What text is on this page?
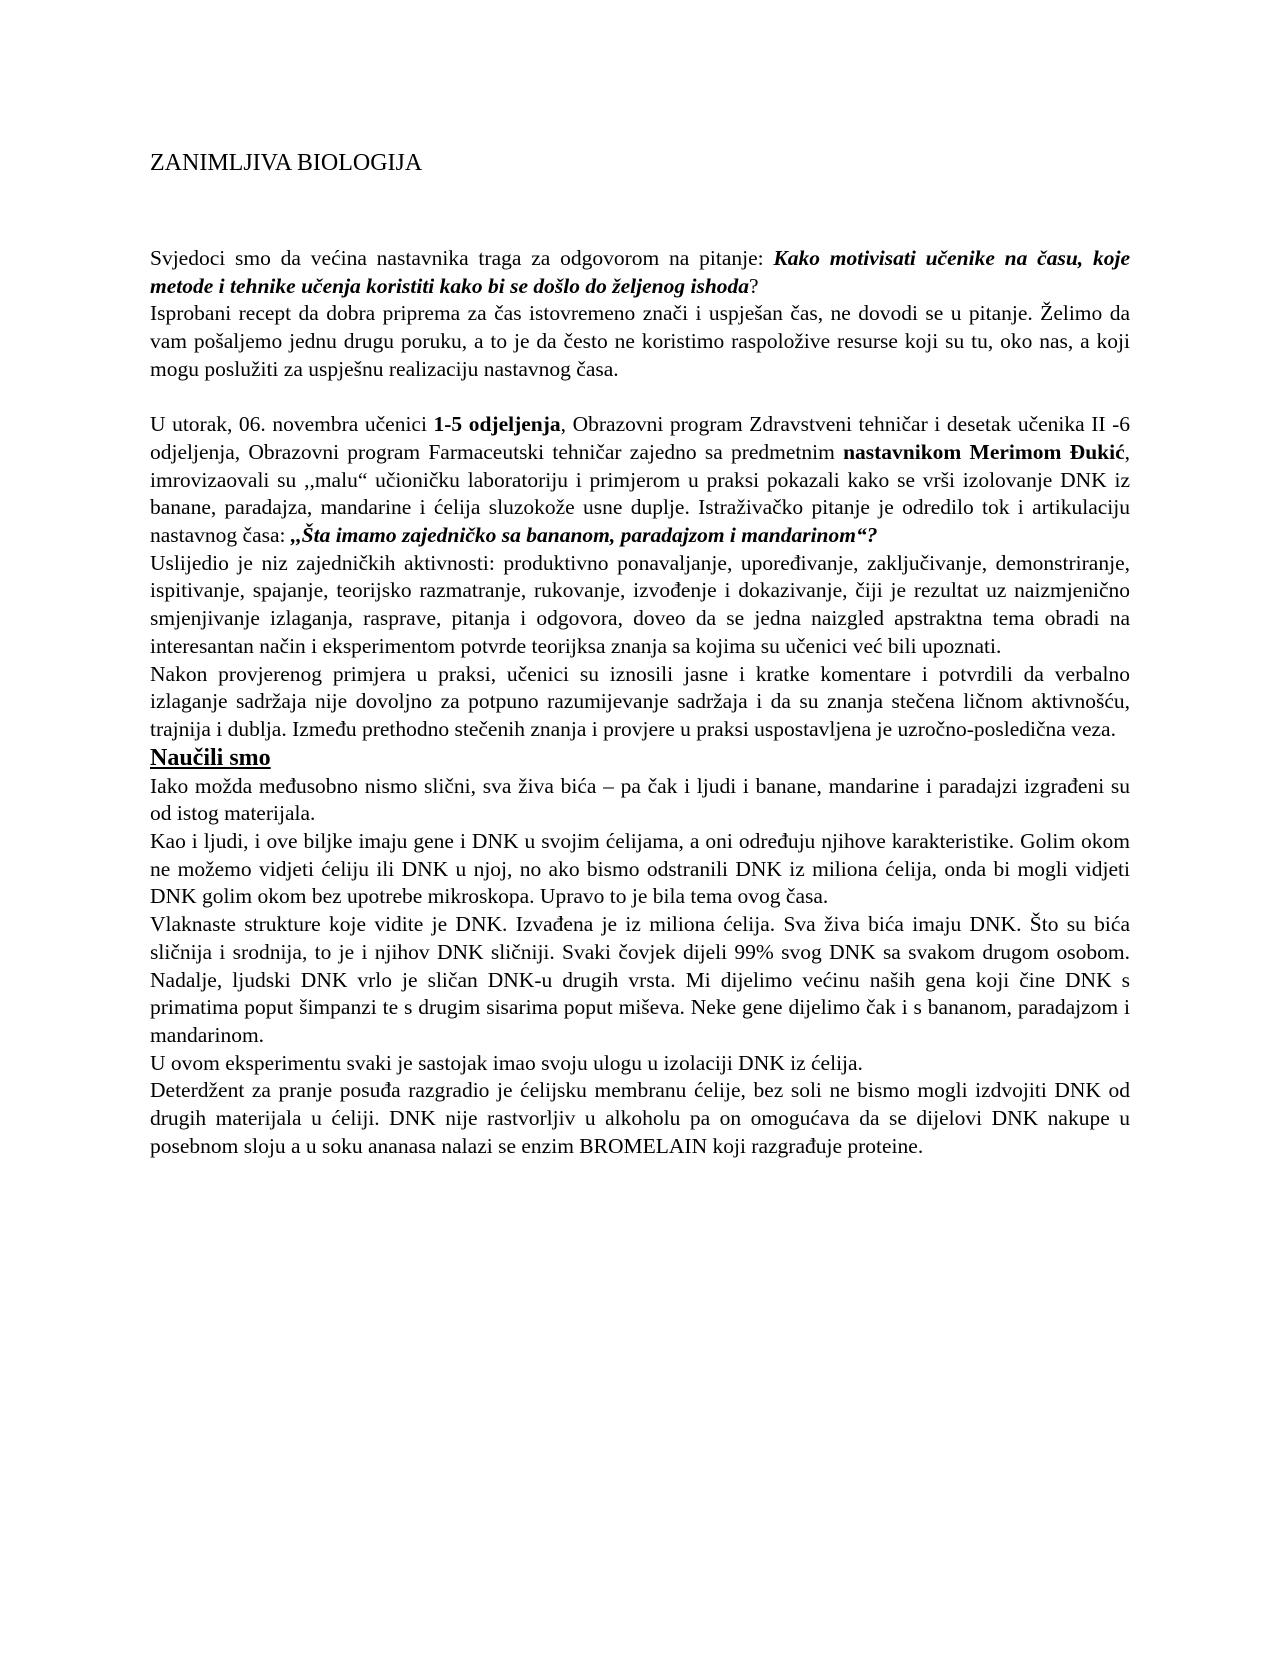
ZANIMLJIVA BIOLOGIJA

Svjedoci smo da većina nastavnika traga za odgovorom na pitanje: Kako motivisati učenike na času, koje metode i tehnike učenja koristiti kako bi se došlo do željenog ishoda?

Isprobani recept da dobra priprema za čas istovremeno znači i uspješan čas, ne dovodi se u pitanje. Želimo da vam pošaljemo jednu drugu poruku, a to je da često ne koristimo raspoložive resurse koji su tu, oko nas, a koji mogu poslužiti za uspješnu realizaciju nastavnog časa.

U utorak, 06. novembra učenici 1-5 odjeljenja, Obrazovni program Zdravstveni tehničar i desetak učenika II -6 odjeljenja, Obrazovni program Farmaceutski tehničar zajedno sa predmetnim nastavnikom Merimom Đukić, imrovizaovali su ,,malu“ učioničku laboratoriju i primjerom u praksi pokazali kako se vrši izolovanje DNK iz banane, paradajza, mandarine i ćelija sluzokože usne duplje. Istraživačko pitanje je odredilo tok i artikulaciju nastavnog časa: ,,Šta imamo zajedničko sa bananom, paradajzom i mandarinom“?

Uslijedio je niz zajedničkih aktivnosti: produktivno ponavaljanje, upoređivanje, zaključivanje, demonstriranje, ispitivanje, spajanje, teorijsko razmatranje, rukovanje, izvođenje i dokazivanje, čiji je rezultat uz naizmjenično smjenjivanje izlaganja, rasprave, pitanja i odgovora, doveo da se jedna naizgled apstraktna tema obradi na interesantan način i eksperimentom potvrde teorijksa znanja sa kojima su učenici već bili upoznati.

Nakon provjerenog primjera u praksi, učenici su iznosili jasne i kratke komentare i potvrdili da verbalno izlaganje sadržaja nije dovoljno za potpuno razumijevanje sadržaja i da su znanja stečena ličnom aktivnošću, trajnija i dublja. Između prethodno stečenih znanja i provjere u praksi uspostavljena je uzročno-posledična veza.

Naučili smo

Iako možda međusobno nismo slični, sva živa bića – pa čak i ljudi i banane, mandarine i paradajzi izgrađeni su od istog materijala.

Kao i ljudi, i ove biljke imaju gene i DNK u svojim ćelijama, a oni određuju njihove karakteristike. Golim okom ne možemo vidjeti ćeliju ili DNK u njoj, no ako bismo odstranili DNK iz miliona ćelija, onda bi mogli vidjeti DNK golim okom bez upotrebe mikroskopa. Upravo to je bila tema ovog časa.

Vlaknaste strukture koje vidite je DNK. Izvađena je iz miliona ćelija. Sva živa bića imaju DNK. Što su bića sličnija i srodnija, to je i njihov DNK sličniji. Svaki čovjek dijeli 99% svog DNK sa svakom drugom osobom. Nadalje, ljudski DNK vrlo je sličan DNK-u drugih vrsta. Mi dijelimo većinu naših gena koji čine DNK s primatima poput šimpanzi te s drugim sisarima poput miševa. Neke gene dijelimo čak i s bananom, paradajzom i mandarinom.

U ovom eksperimentu svaki je sastojak imao svoju ulogu u izolaciji DNK iz ćelija.

Deterdžent za pranje posuđa razgradio je ćelijsku membranu ćelije, bez soli ne bismo mogli izdvojiti DNK od drugih materijala u ćeliji. DNK nije rastvorljiv u alkoholu pa on omogućava da se dijelovi DNK nakupe u posebnom sloju a u soku ananasa nalazi se enzim BROMELAIN koji razgrađuje proteine.
